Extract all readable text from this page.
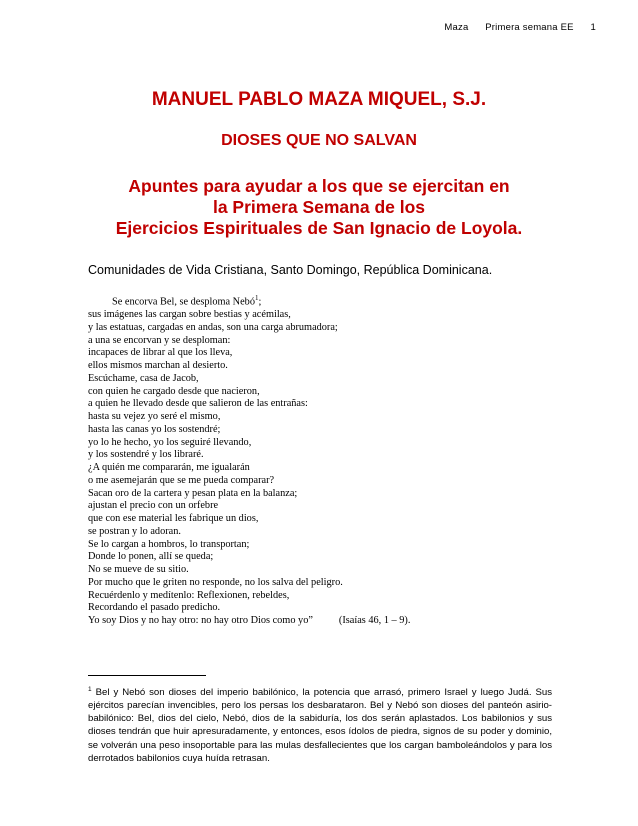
Maza Primera semana EE 1
MANUEL PABLO MAZA MIQUEL, S.J.
DIOSES QUE NO SALVAN
Apuntes para ayudar a los que se ejercitan en
la Primera Semana de los
Ejercicios Espirituales de San Ignacio de Loyola.
Comunidades de Vida Cristiana, Santo Domingo, República Dominicana.
Se encorva Bel, se desploma Nebó$^1$;
sus imágenes las cargan sobre bestias y acémilas,
y las estatuas, cargadas en andas, son una carga abrumadora;
a una se encorvan y se desploman:
incapaces de librar al que los lleva,
ellos mismos marchan al desierto.
Escúchame, casa de Jacob,
con quien he cargado desde que nacieron,
a quien he llevado desde que salieron de las entrañas:
hasta su vejez yo seré el mismo,
hasta las canas yo los sostendré;
yo lo he hecho, yo los seguiré llevando,
y los sostendré y los libraré.
¿A quién me compararán, me igualarán
o me asemejarán que se me pueda comparar?
Sacan oro de la cartera y pesan plata en la balanza;
ajustan el precio con un orfebre
que con ese material les fabrique un dios,
se postran y lo adoran.
Se lo cargan a hombros, lo transportan;
Donde lo ponen, allí se queda;
No se mueve de su sitio.
Por mucho que le griten no responde, no los salva del peligro.
Recuérdenlo y medítenlo: Reflexionen, rebeldes,
Recordando el pasado predicho.
Yo soy Dios y no hay otro: no hay otro Dios como yo”	(Isaías 46, 1 – 9).
$^1$ Bel y Nebó son dioses del imperio babilónico, la potencia que arrasó, primero Israel y luego Judá. Sus ejércitos parecían invencibles, pero los persas los desbarataron. Bel y Nebó son dioses del panteón asirio-babilónico: Bel, dios del cielo, Nebó, dios de la sabiduría, los dos serán aplastados. Los babilonios y sus dioses tendrán que huir apresuradamente, y entonces, esos ídolos de piedra, signos de su poder y dominio, se volverán una peso insoportable para las mulas desfallecientes que los cargan bamboleándolos y para los derrotados babilonios cuya huída retrasan.
